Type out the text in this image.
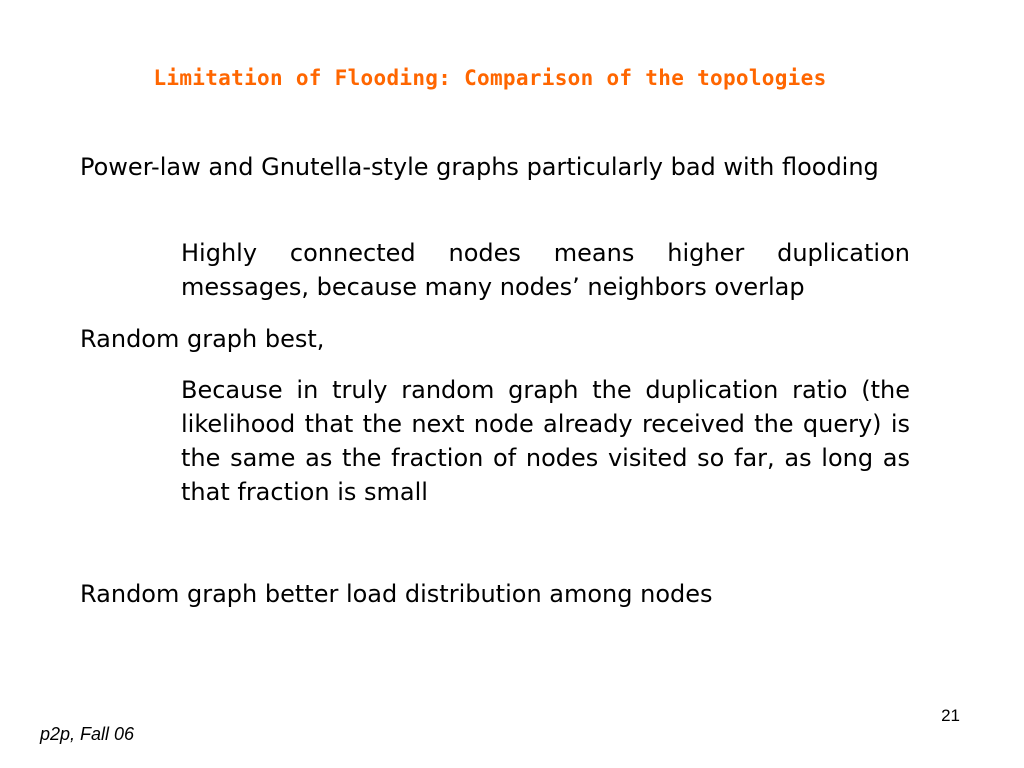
Limitation of Flooding: Comparison of the topologies
Power-law and Gnutella-style graphs particularly bad with flooding
Highly connected nodes means higher duplication messages, because many nodes’ neighbors overlap
Random graph best,
Because in truly random graph the duplication ratio (the likelihood that the next node already received the query) is the same as the fraction of nodes visited so far, as long as that fraction is small
Random graph better load distribution among nodes
p2p, Fall 06
21
